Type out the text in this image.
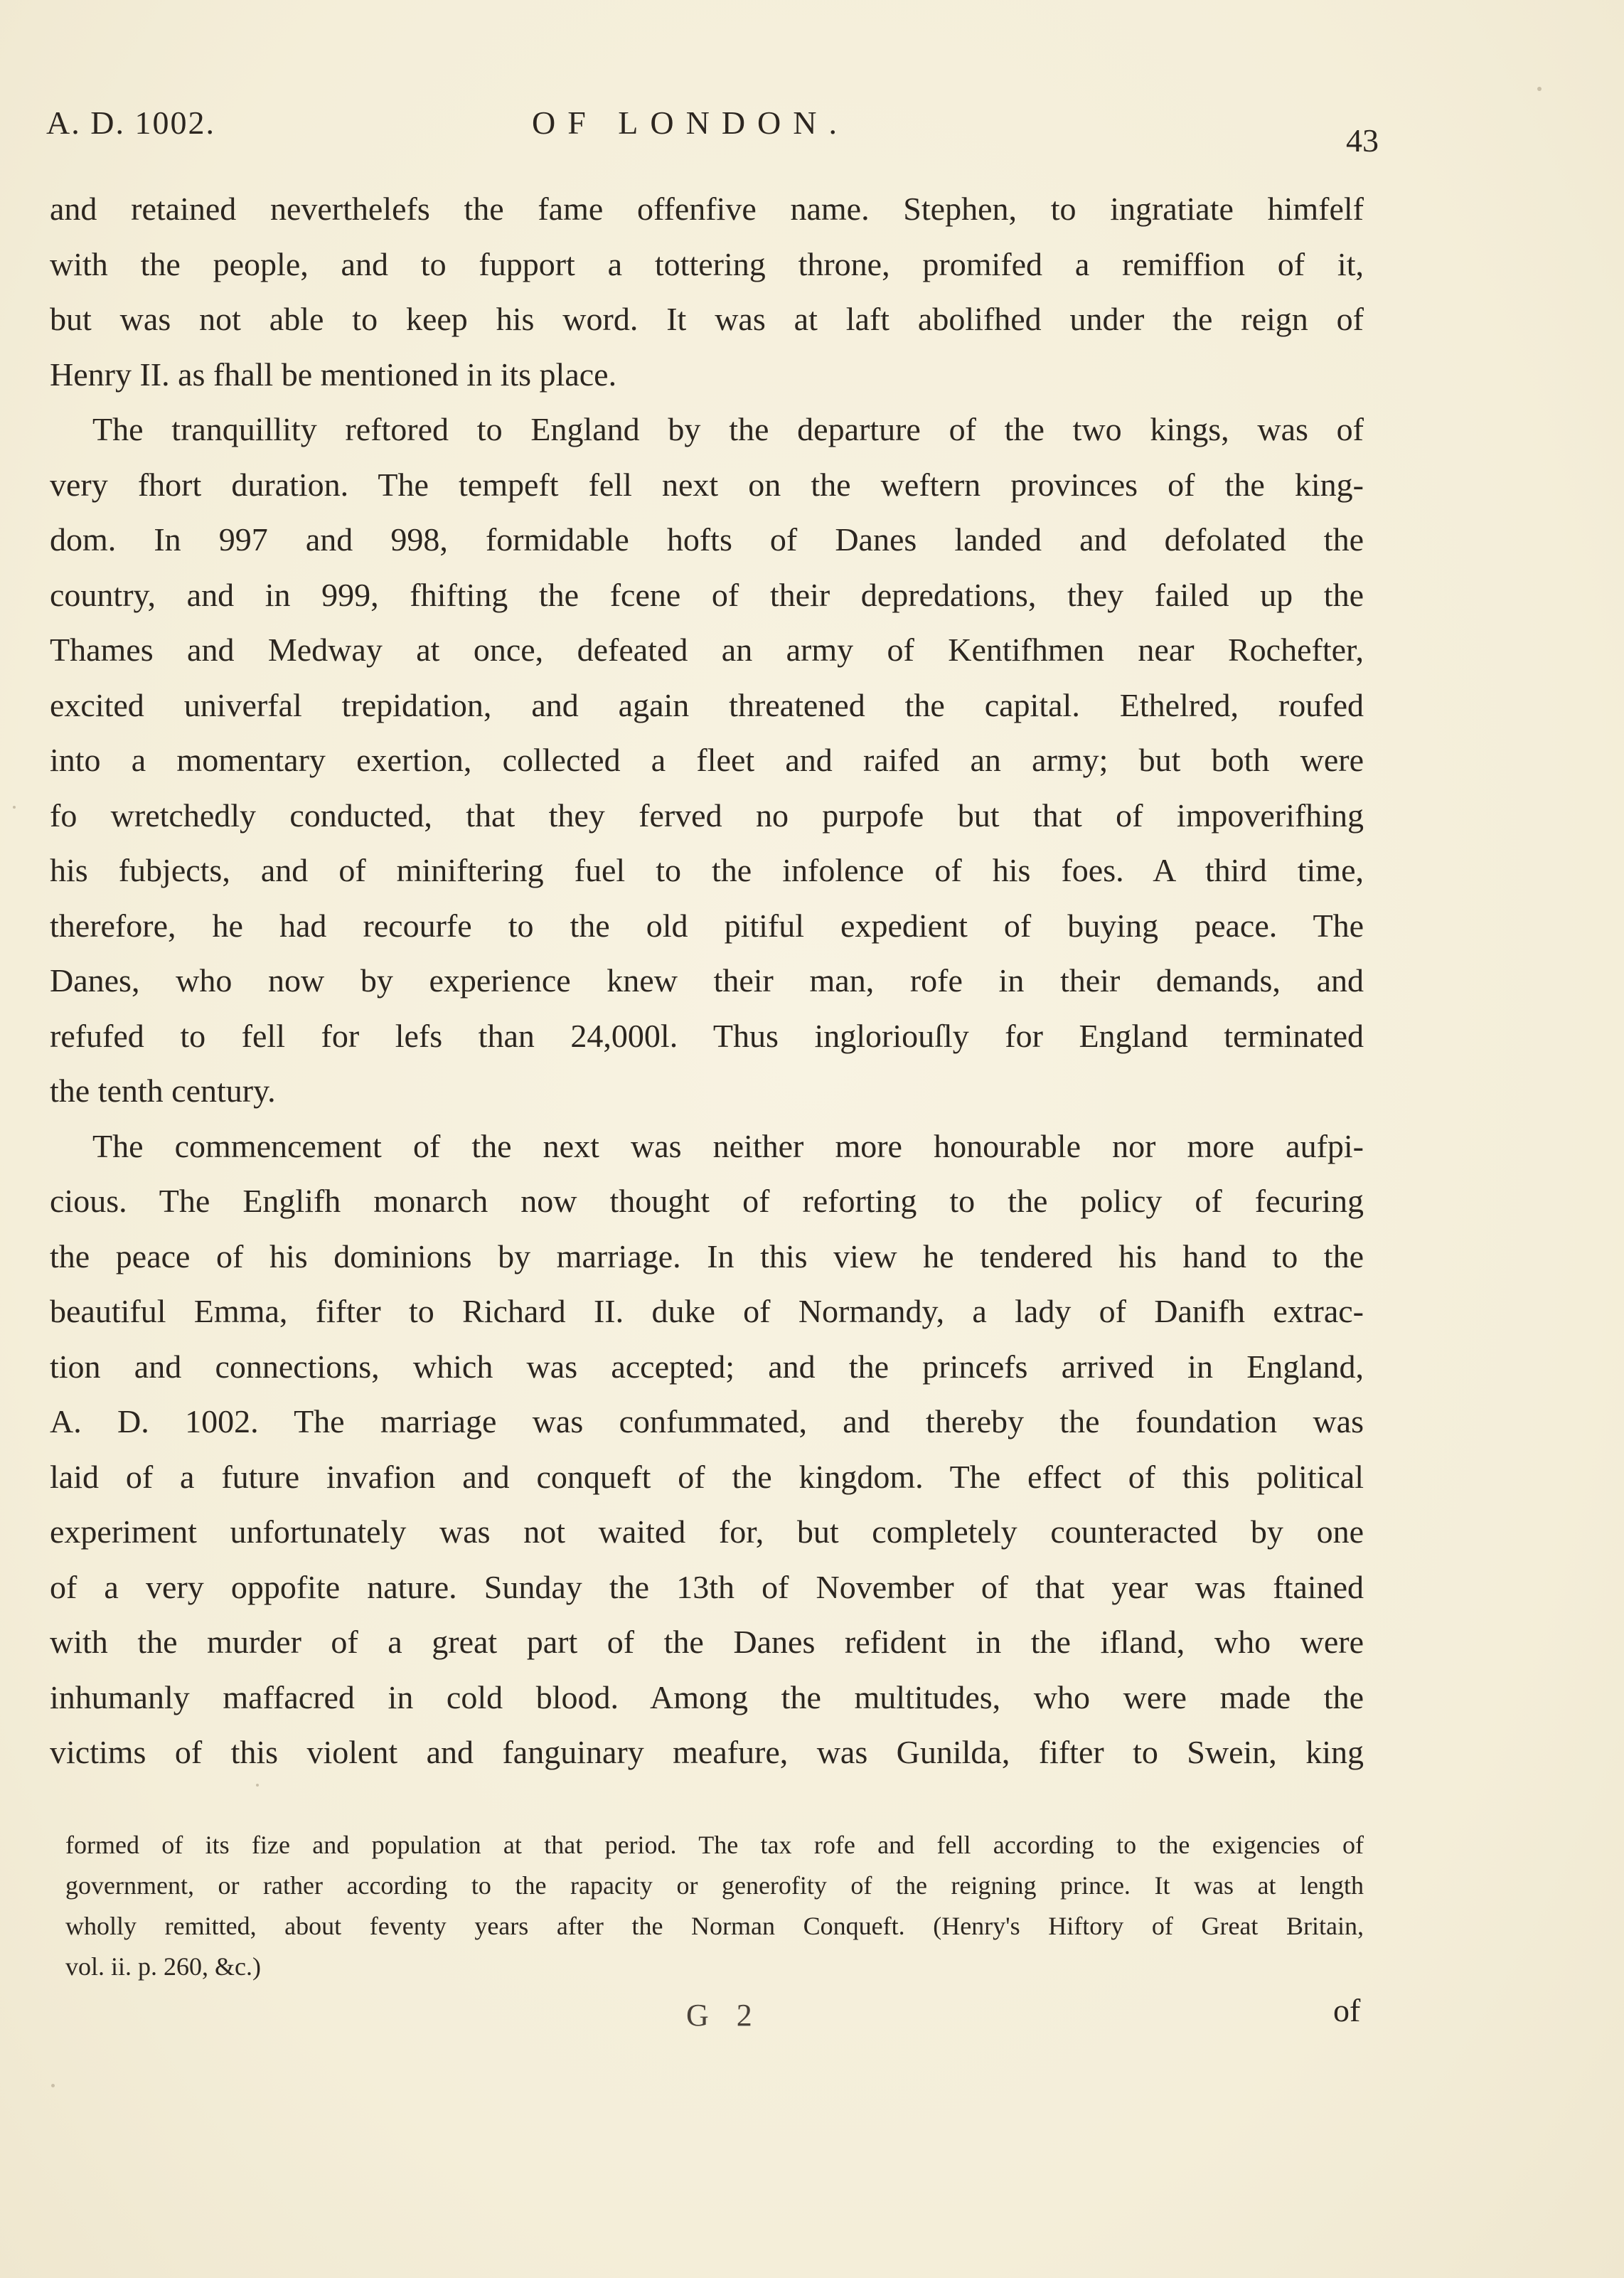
A. D. 1002.	OF LONDON.	43
and retained neverthelefs the fame offenfive name. Stephen, to ingratiate himfelf
with the people, and to fupport a tottering throne, promifed a remiffion of it,
but was not able to keep his word. It was at laft abolifhed under the reign of
Henry II. as fhall be mentioned in its place.
The tranquillity reftored to England by the departure of the two kings, was of
very fhort duration. The tempeft fell next on the weftern provinces of the king-
dom. In 997 and 998, formidable hofts of Danes landed and defolated the
country, and in 999, fhifting the fcene of their depredations, they failed up the
Thames and Medway at once, defeated an army of Kentifhmen near Rochefter,
excited univerfal trepidation, and again threatened the capital. Ethelred, roufed
into a momentary exertion, collected a fleet and raifed an army; but both were
fo wretchedly conducted, that they ferved no purpofe but that of impoverifhing
his fubjects, and of miniftering fuel to the infolence of his foes. A third time,
therefore, he had recourfe to the old pitiful expedient of buying peace. The
Danes, who now by experience knew their man, rofe in their demands, and
refufed to fell for lefs than 24,000l. Thus ingloriouſly for England terminated
the tenth century.
The commencement of the next was neither more honourable nor more aufpi-
cious. The Englifh monarch now thought of reforting to the policy of fecuring
the peace of his dominions by marriage. In this view he tendered his hand to the
beautiful Emma, fifter to Richard II. duke of Normandy, a lady of Danifh extrac-
tion and connections, which was accepted; and the princefs arrived in England,
A. D. 1002. The marriage was confummated, and thereby the foundation was
laid of a future invafion and conqueft of the kingdom. The effect of this political
experiment unfortunately was not waited for, but completely counteracted by one
of a very oppofite nature. Sunday the 13th of November of that year was ftained
with the murder of a great part of the Danes refident in the ifland, who were
inhumanly maffacred in cold blood. Among the multitudes, who were made the
victims of this violent and fanguinary meafure, was Gunilda, fifter to Swein, king
formed of its fize and population at that period. The tax rofe and fell according to the exigencies of
government, or rather according to the rapacity or generofity of the reigning prince. It was at length
wholly remitted, about feventy years after the Norman Conqueft. (Henry's Hiftory of Great Britain,
vol. ii. p. 260, &c.)
G 2	of
